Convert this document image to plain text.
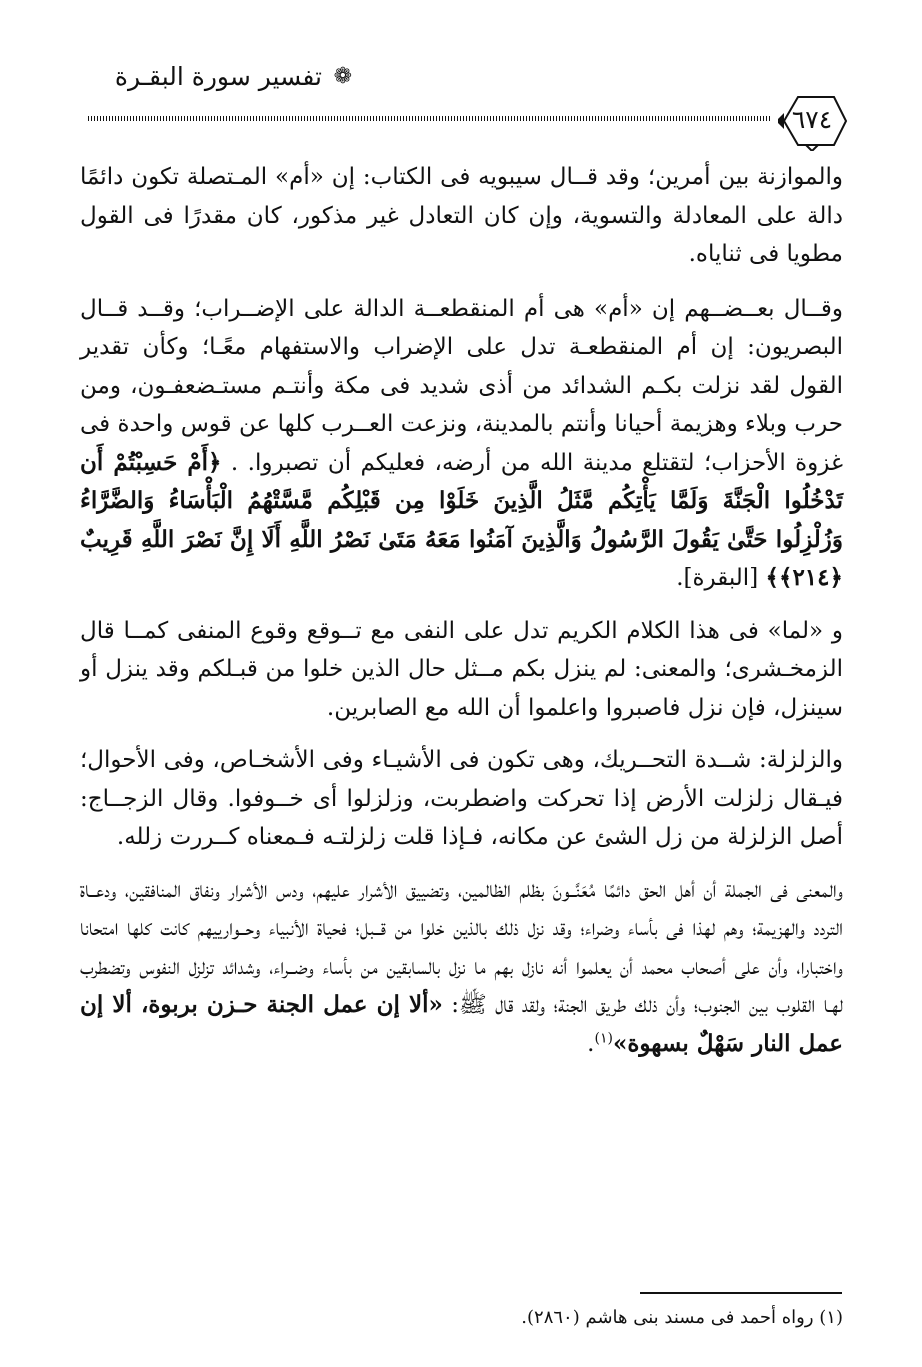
تفسير سورة البقـرة ❁
٦٧٤

والموازنة بين أمرين؛ وقد قــال سيبويه فى الكتاب: إن «أم» المـتصلة تكون دائمًا دالة على المعادلة والتسوية، وإن كان التعادل غير مذكور، كان مقدرًا فى القول مطويا فى ثناياه.

وقــال بعــضــهم إن «أم» هى أم المنقطعــة الدالة على الإضــراب؛ وقــد قــال البصريون: إن أم المنقطعـة تدل على الإضراب والاستفهام معًـا؛ وكأن تقدير القول لقد نزلت بكـم الشدائد من أذى شديد فى مكة وأنتـم مستـضعفـون، ومن حرب وبلاء وهزيمة أحيانا وأنتم بالمدينة، ونزعت العــرب كلها عن قوس واحدة فى غزوة الأحزاب؛ لتقتلع مدينة الله من أرضه، فعليكم أن تصبروا. . ﴿أَمْ حَسِبْتُمْ أَن تَدْخُلُوا الْجَنَّةَ وَلَمَّا يَأْتِكُم مَّثَلُ الَّذِينَ خَلَوْا مِن قَبْلِكُم مَّسَّتْهُمُ الْبَأْسَاءُ وَالضَّرَّاءُ وَزُلْزِلُوا حَتَّىٰ يَقُولَ الرَّسُولُ وَالَّذِينَ آمَنُوا مَعَهُ مَتَىٰ نَصْرُ اللَّهِ أَلَا إِنَّ نَصْرَ اللَّهِ قَرِيبٌ ﴿٢١٤﴾﴾ [البقرة].

و «لما» فى هذا الكلام الكريم تدل على النفى مع تــوقع وقوع المنفى كمــا قال الزمخـشرى؛ والمعنى: لم ينزل بكم مــثل حال الذين خلوا من قبـلكم وقد ينزل أو سينزل، فإن نزل فاصبروا واعلموا أن الله مع الصابرين.

والزلزلة: شــدة التحــريك، وهى تكون فى الأشيـاء وفى الأشخـاص، وفى الأحوال؛ فيـقال زلزلت الأرض إذا تحركت واضطربت، وزلزلوا أى خــوفوا. وقال الزجــاج: أصل الزلزلة من زل الشئ عن مكانه، فـإذا قلت زلزلتـه فـمعناه كــررت زلله.

والمعنى فى الجملة أن أهل الحق دائمًا مُعَنَّــونَ بظلم الظالمين، وتضييق الأشرار عليهم، ودس الأشرار ونفاق المنافقين، ودعــاة التردد والهزيمة؛ وهم لهذا فى بأساء وضراء؛ وقد نزل ذلك بالذين خلوا من قــبل؛ فحياة الأنبياء وحــوارييهم كانت كلها امتحانا واختبارا، وأن على أصحاب محمد أن يعلموا أنه نازل بهم ما نزل بالسابقين من بأساء وضــراء، وشدائد تزلزل النفوس وتضطرب لهـا القلوب بين الجنوب؛ وأن ذلك طريق الجنة؛ ولقد قال ﷺ: «ألا إن عمل الجنة حـزن بربوة، ألا إن عمل النار سَهْلٌ بسهوة»$^{(١)}$.

(١) رواه أحمد فى مسند بنى هاشم (٢٨٦٠).
